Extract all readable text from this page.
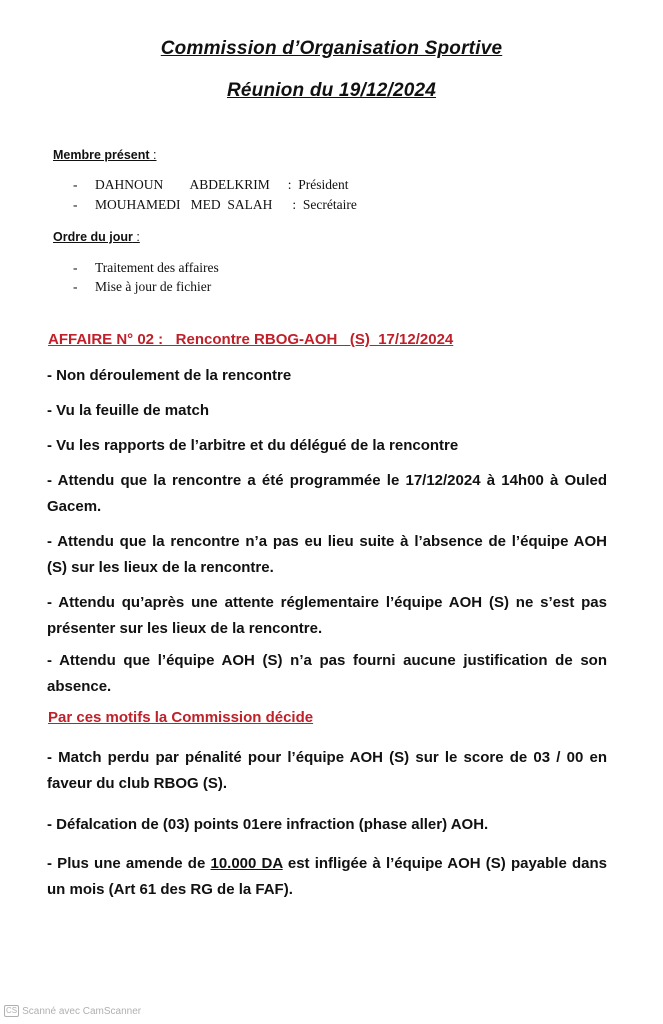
Commission d’Organisation Sportive
Réunion du 19/12/2024
Membre présent :
- DAHNOUN        ABDELKRIM :  Président
- MOUHAMEDI   MED  SALAH :  Secrétaire
Ordre du jour :
- Traitement des affaires
- Mise à jour de fichier
AFFAIRE N° 02 :   Rencontre RBOG-AOH   (S)  17/12/2024
- Non déroulement de la rencontre
- Vu la feuille de match
- Vu les rapports de l’arbitre et du délégué de la rencontre
- Attendu que la rencontre a été programmée le 17/12/2024 à 14h00 à Ouled Gacem.
- Attendu que la rencontre n’a pas eu lieu suite à l’absence de l’équipe AOH (S) sur les lieux de la rencontre.
- Attendu qu’après une attente réglementaire l’équipe AOH (S) ne s’est pas présenter sur les lieux de la rencontre.
- Attendu que l’équipe AOH (S) n’a pas fourni aucune justification de son absence.
Par ces motifs la Commission décide
- Match perdu par pénalité pour l’équipe AOH (S) sur le score de 03 / 00 en faveur du club RBOG (S).
- Défalcation de (03) points 01ere infraction (phase aller) AOH.
- Plus une amende de 10.000 DA est infligée à l’équipe AOH (S) payable dans un mois (Art 61 des RG de la FAF).
CS Scanné avec CamScanner
